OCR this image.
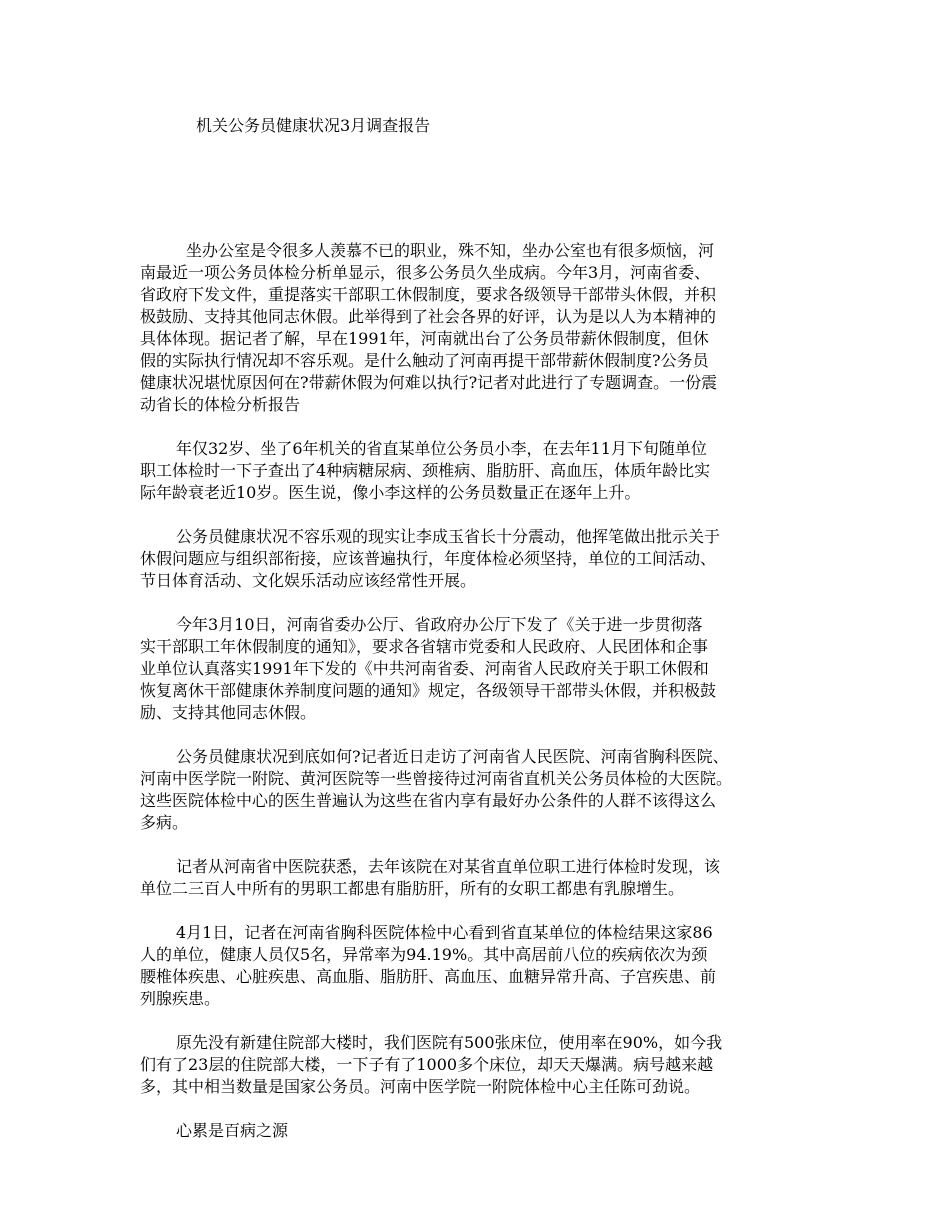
机关公务员健康状况3月调查报告

坐办公室是令很多人羡慕不已的职业，殊不知，坐办公室也有很多烦恼，河
南最近一项公务员体检分析单显示，很多公务员久坐成病。今年3月，河南省委、
省政府下发文件，重提落实干部职工休假制度，要求各级领导干部带头休假，并积
极鼓励、支持其他同志休假。此举得到了社会各界的好评，认为是以人为本精神的
具体体现。据记者了解，早在1991年，河南就出台了公务员带薪休假制度，但休
假的实际执行情况却不容乐观。是什么触动了河南再提干部带薪休假制度?公务员
健康状况堪忧原因何在?带薪休假为何难以执行?记者对此进行了专题调查。一份震
动省长的体检分析报告

年仅32岁、坐了6年机关的省直某单位公务员小李，在去年11月下旬随单位
职工体检时一下子查出了4种病糖尿病、颈椎病、脂肪肝、高血压，体质年龄比实
际年龄衰老近10岁。医生说，像小李这样的公务员数量正在逐年上升。

公务员健康状况不容乐观的现实让李成玉省长十分震动，他挥笔做出批示关于
休假问题应与组织部衔接，应该普遍执行，年度体检必须坚持，单位的工间活动、
节日体育活动、文化娱乐活动应该经常性开展。

今年3月10日，河南省委办公厅、省政府办公厅下发了《关于进一步贯彻落
实干部职工年休假制度的通知》，要求各省辖市党委和人民政府、人民团体和企事
业单位认真落实1991年下发的《中共河南省委、河南省人民政府关于职工休假和
恢复离休干部健康休养制度问题的通知》规定，各级领导干部带头休假，并积极鼓
励、支持其他同志休假。

公务员健康状况到底如何?记者近日走访了河南省人民医院、河南省胸科医院、
河南中医学院一附院、黄河医院等一些曾接待过河南省直机关公务员体检的大医院。
这些医院体检中心的医生普遍认为这些在省内享有最好办公条件的人群不该得这么
多病。

记者从河南省中医院获悉，去年该院在对某省直单位职工进行体检时发现，该
单位二三百人中所有的男职工都患有脂肪肝，所有的女职工都患有乳腺增生。

4月1日，记者在河南省胸科医院体检中心看到省直某单位的体检结果这家86
人的单位，健康人员仅5名，异常率为94.19%。其中高居前八位的疾病依次为颈
腰椎体疾患、心脏疾患、高血脂、脂肪肝、高血压、血糖异常升高、子宫疾患、前
列腺疾患。

原先没有新建住院部大楼时，我们医院有500张床位，使用率在90%，如今我
们有了23层的住院部大楼，一下子有了1000多个床位，却天天爆满。病号越来越
多，其中相当数量是国家公务员。河南中医学院一附院体检中心主任陈可劲说。

心累是百病之源
